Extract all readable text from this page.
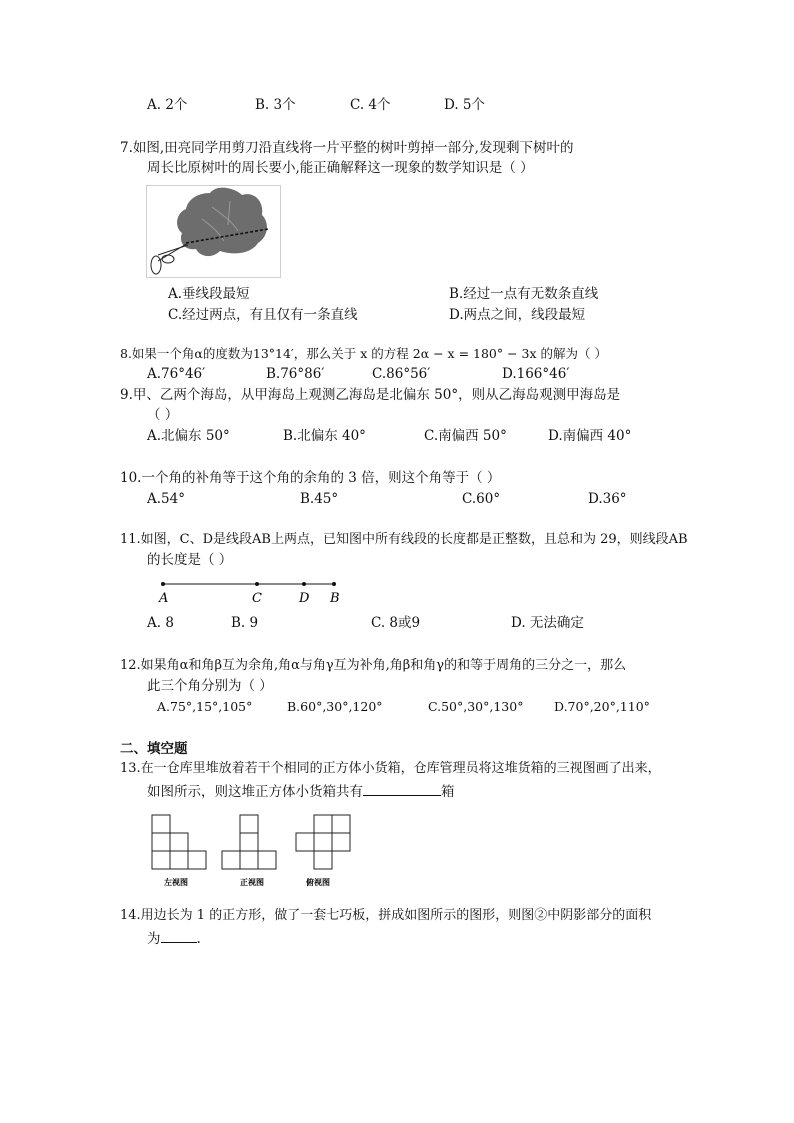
A. 2个	B. 3个	C. 4个	D. 5个
7.如图,田亮同学用剪刀沿直线将一片平整的树叶剪掉一部分,发现剩下树叶的
周长比原树叶的周长要小,能正确解释这一现象的数学知识是（ ）
A.垂线段最短	B.经过一点有无数条直线
C.经过两点，有且仅有一条直线	D.两点之间，线段最短
8.如果一个角α的度数为13°14′，那么关于 x 的方程 2α − x = 180° − 3x 的解为（ ）
A.76°46′	B.76°86′	C.86°56′	D.166°46′
9.甲、乙两个海岛，从甲海岛上观测乙海岛是北偏东 50°，则从乙海岛观测甲海岛是
（ ）
A.北偏东 50°	B.北偏东 40°	C.南偏西 50°	D.南偏西 40°
10.一个角的补角等于这个角的余角的 3 倍，则这个角等于（ ）
A.54°	B.45°	C.60°	D.36°
11.如图，C、D是线段AB上两点，已知图中所有线段的长度都是正整数，且总和为 29，则线段AB
的长度是（ ）
A	C	D B
A. 8	B. 9	C. 8或9	D. 无法确定
12.如果角α和角β互为余角,角α与角γ互为补角,角β和角γ的和等于周角的三分之一，那么
此三个角分别为（ ）
A.75°,15°,105°	B.60°,30°,120°	C.50°,30°,130° D.70°,20°,110°
二、填空题
13.在一仓库里堆放着若干个相同的正方体小货箱，仓库管理员将这堆货箱的三视图画了出来，
如图所示，则这堆正方体小货箱共有	箱
左视图	正视图	俯视图
14.用边长为 1 的正方形，做了一套七巧板，拼成如图所示的图形，则图②中阴影部分的面积
为	.
